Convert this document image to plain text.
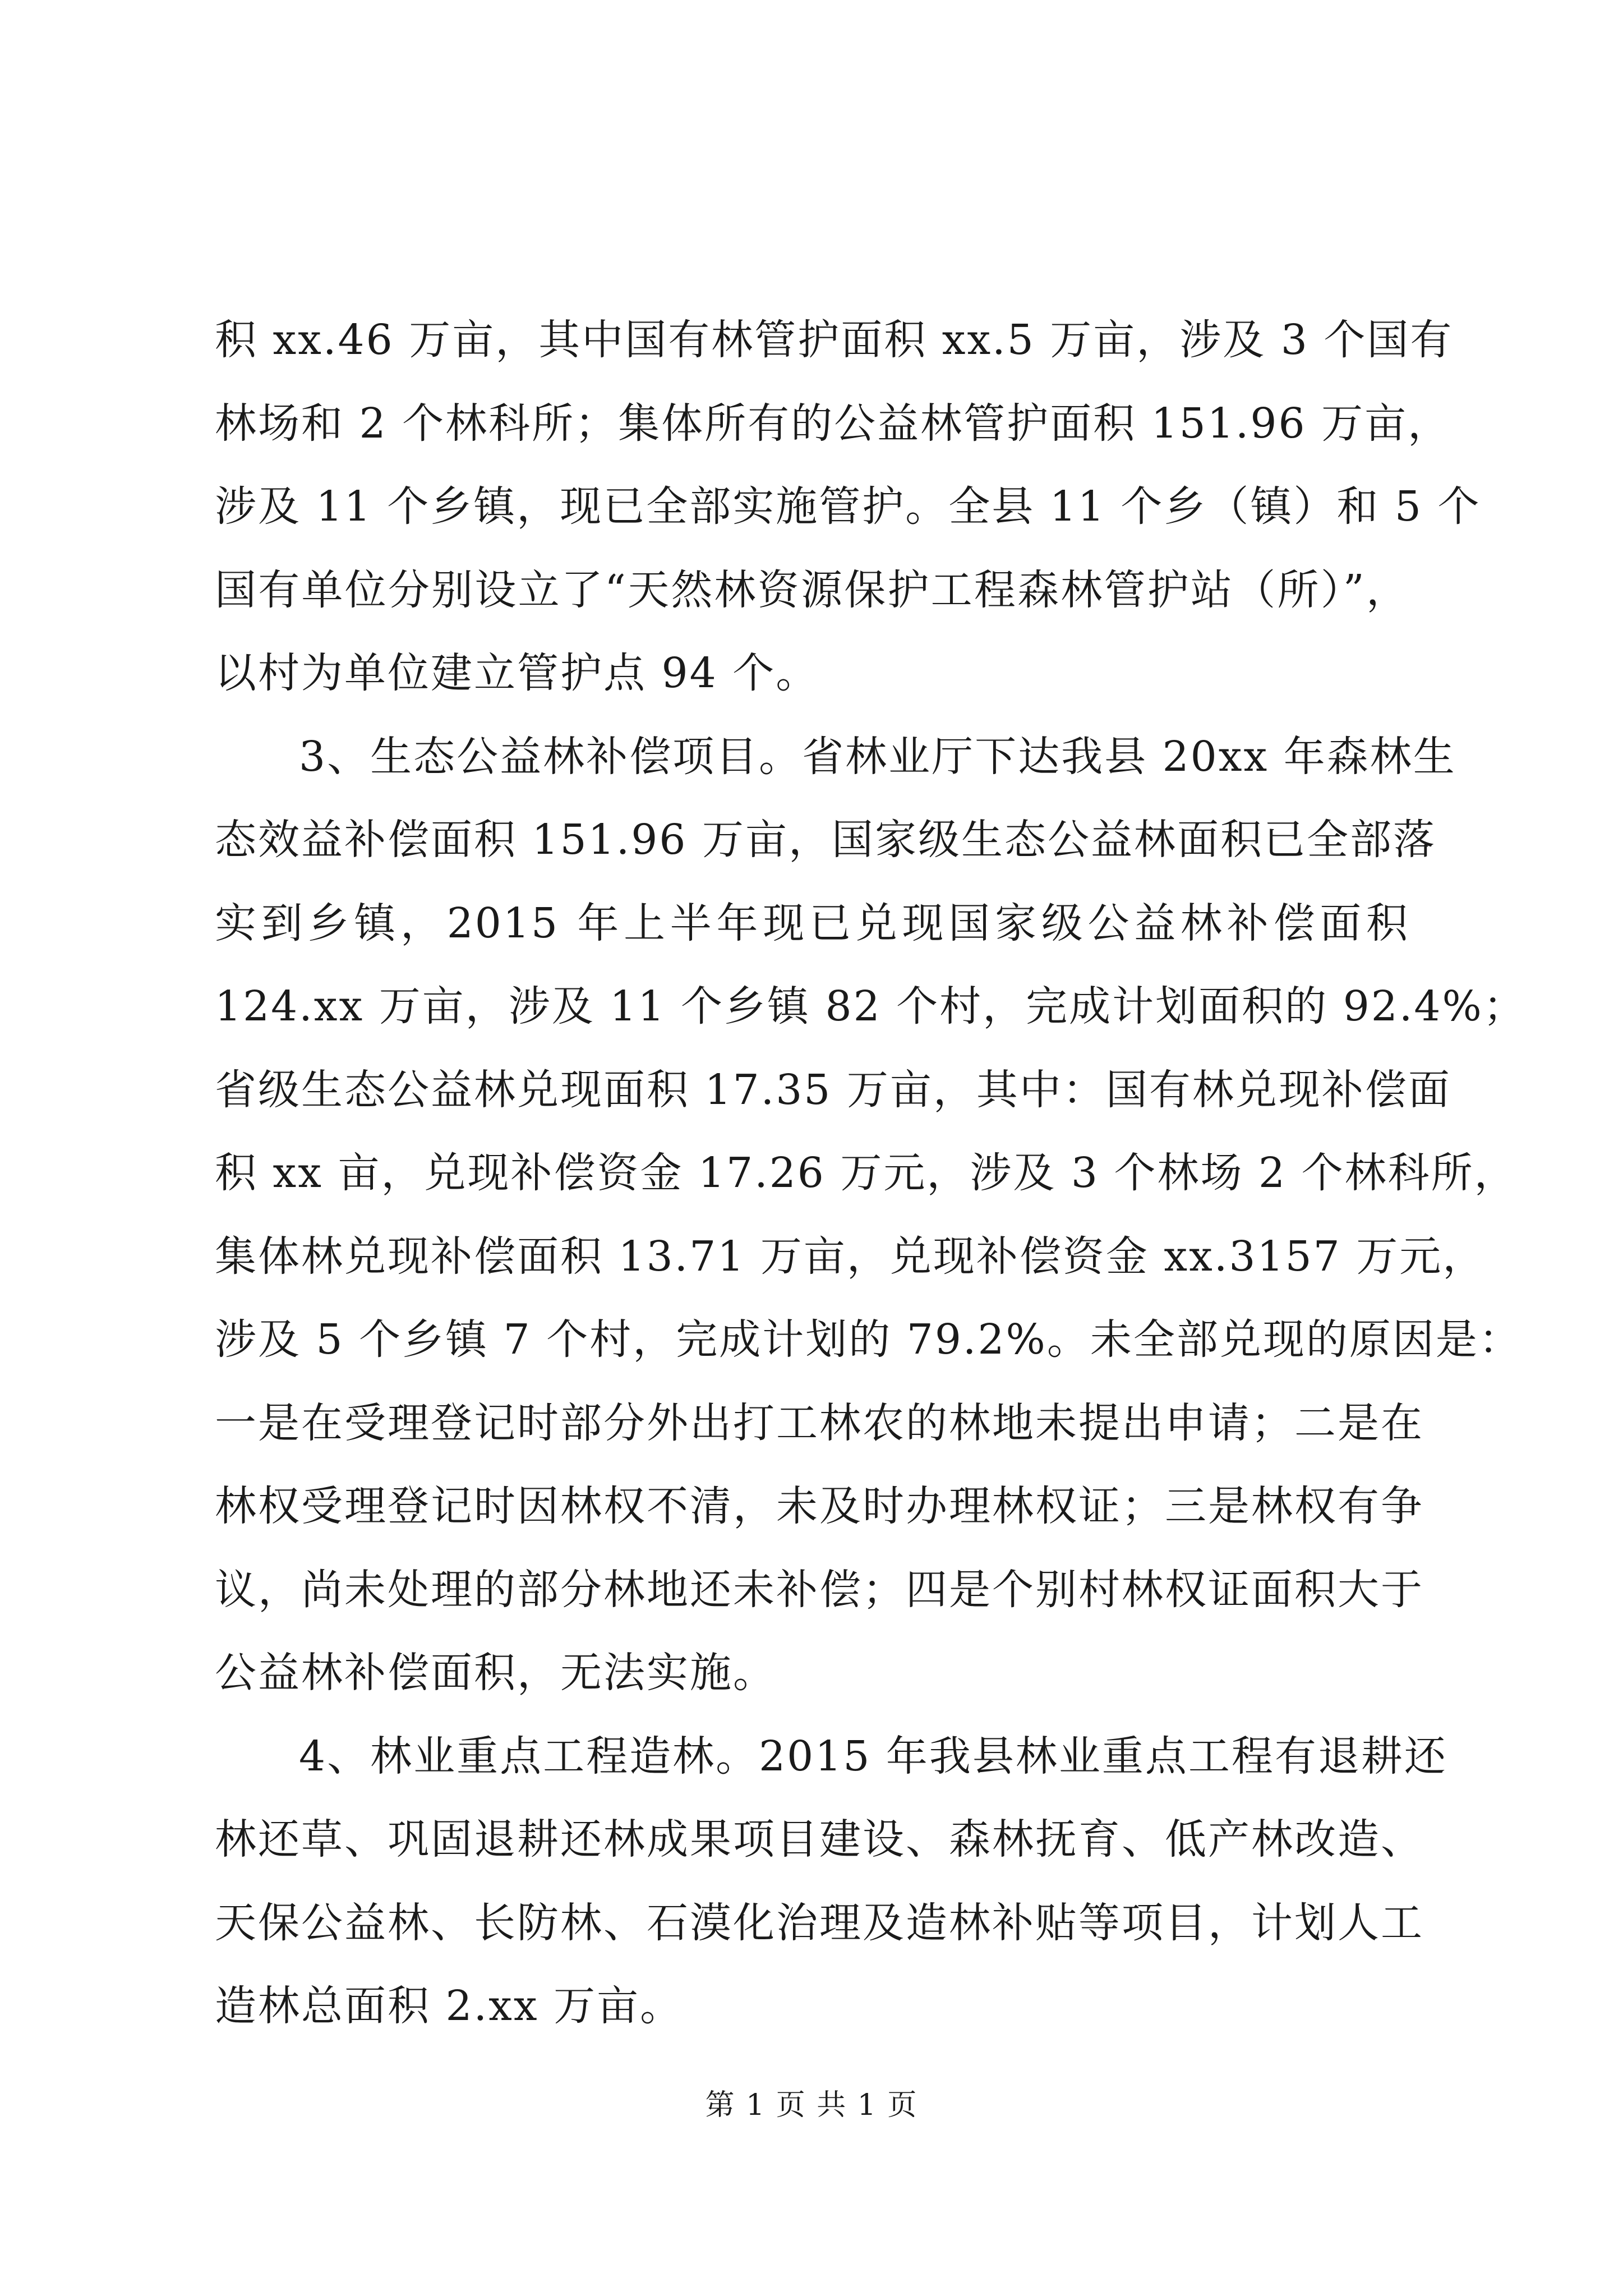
积 xx.46 万亩，其中国有林管护面积 xx.5 万亩，涉及 3 个国有
林场和 2 个林科所；集体所有的公益林管护面积 151.96 万亩，
涉及 11 个乡镇，现已全部实施管护。全县 11 个乡（镇）和 5 个
国有单位分别设立了“天然林资源保护工程森林管护站（所）”，
以村为单位建立管护点 94 个。

3、生态公益林补偿项目。省林业厅下达我县 20xx 年森林生
态效益补偿面积 151.96 万亩，国家级生态公益林面积已全部落
实到乡镇，2015 年上半年现已兑现国家级公益林补偿面积
124.xx 万亩，涉及 11 个乡镇 82 个村，完成计划面积的 92.4%；
省级生态公益林兑现面积 17.35 万亩，其中：国有林兑现补偿面
积 xx 亩，兑现补偿资金 17.26 万元，涉及 3 个林场 2 个林科所，
集体林兑现补偿面积 13.71 万亩，兑现补偿资金 xx.3157 万元，
涉及 5 个乡镇 7 个村，完成计划的 79.2%。未全部兑现的原因是：
一是在受理登记时部分外出打工林农的林地未提出申请；二是在
林权受理登记时因林权不清，未及时办理林权证；三是林权有争
议，尚未处理的部分林地还未补偿；四是个别村林权证面积大于
公益林补偿面积，无法实施。

4、林业重点工程造林。2015 年我县林业重点工程有退耕还
林还草、巩固退耕还林成果项目建设、森林抚育、低产林改造、
天保公益林、长防林、石漠化治理及造林补贴等项目，计划人工
造林总面积 2.xx 万亩。

第 1 页 共 1 页
